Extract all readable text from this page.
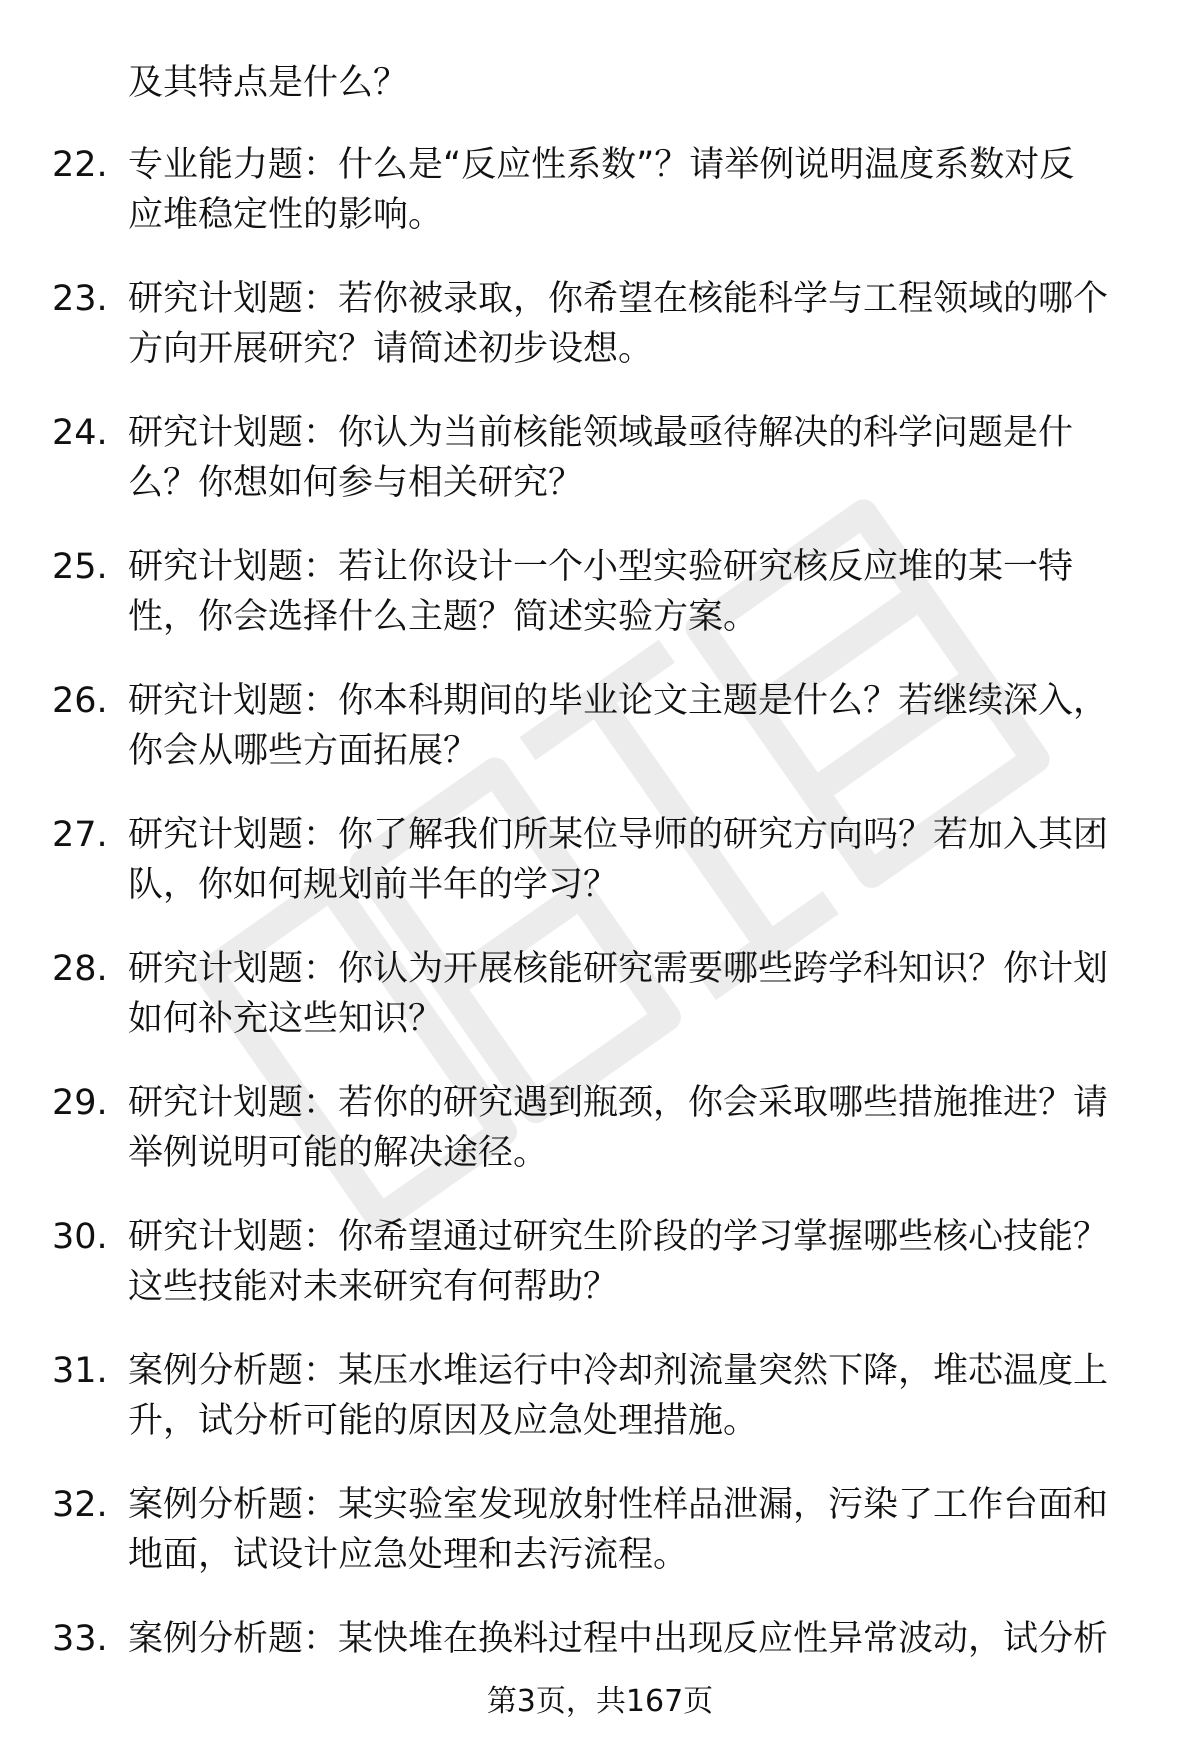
及其特点是什么？
22. 专业能力题：什么是“反应性系数”？请举例说明温度系数对反
应堆稳定性的影响。
23. 研究计划题：若你被录取，你希望在核能科学与工程领域的哪个
方向开展研究？请简述初步设想。
24. 研究计划题：你认为当前核能领域最亟待解决的科学问题是什
么？你想如何参与相关研究？
25. 研究计划题：若让你设计一个小型实验研究核反应堆的某一特
性，你会选择什么主题？简述实验方案。
26. 研究计划题：你本科期间的毕业论文主题是什么？若继续深入，
你会从哪些方面拓展？
27. 研究计划题：你了解我们所某位导师的研究方向吗？若加入其团
队，你如何规划前半年的学习？
28. 研究计划题：你认为开展核能研究需要哪些跨学科知识？你计划
如何补充这些知识？
29. 研究计划题：若你的研究遇到瓶颈，你会采取哪些措施推进？请
举例说明可能的解决途径。
30. 研究计划题：你希望通过研究生阶段的学习掌握哪些核心技能？
这些技能对未来研究有何帮助？
31. 案例分析题：某压水堆运行中冷却剂流量突然下降，堆芯温度上
升，试分析可能的原因及应急处理措施。
32. 案例分析题：某实验室发现放射性样品泄漏，污染了工作台面和
地面，试设计应急处理和去污流程。
33. 案例分析题：某快堆在换料过程中出现反应性异常波动，试分析
第3页，共167页
